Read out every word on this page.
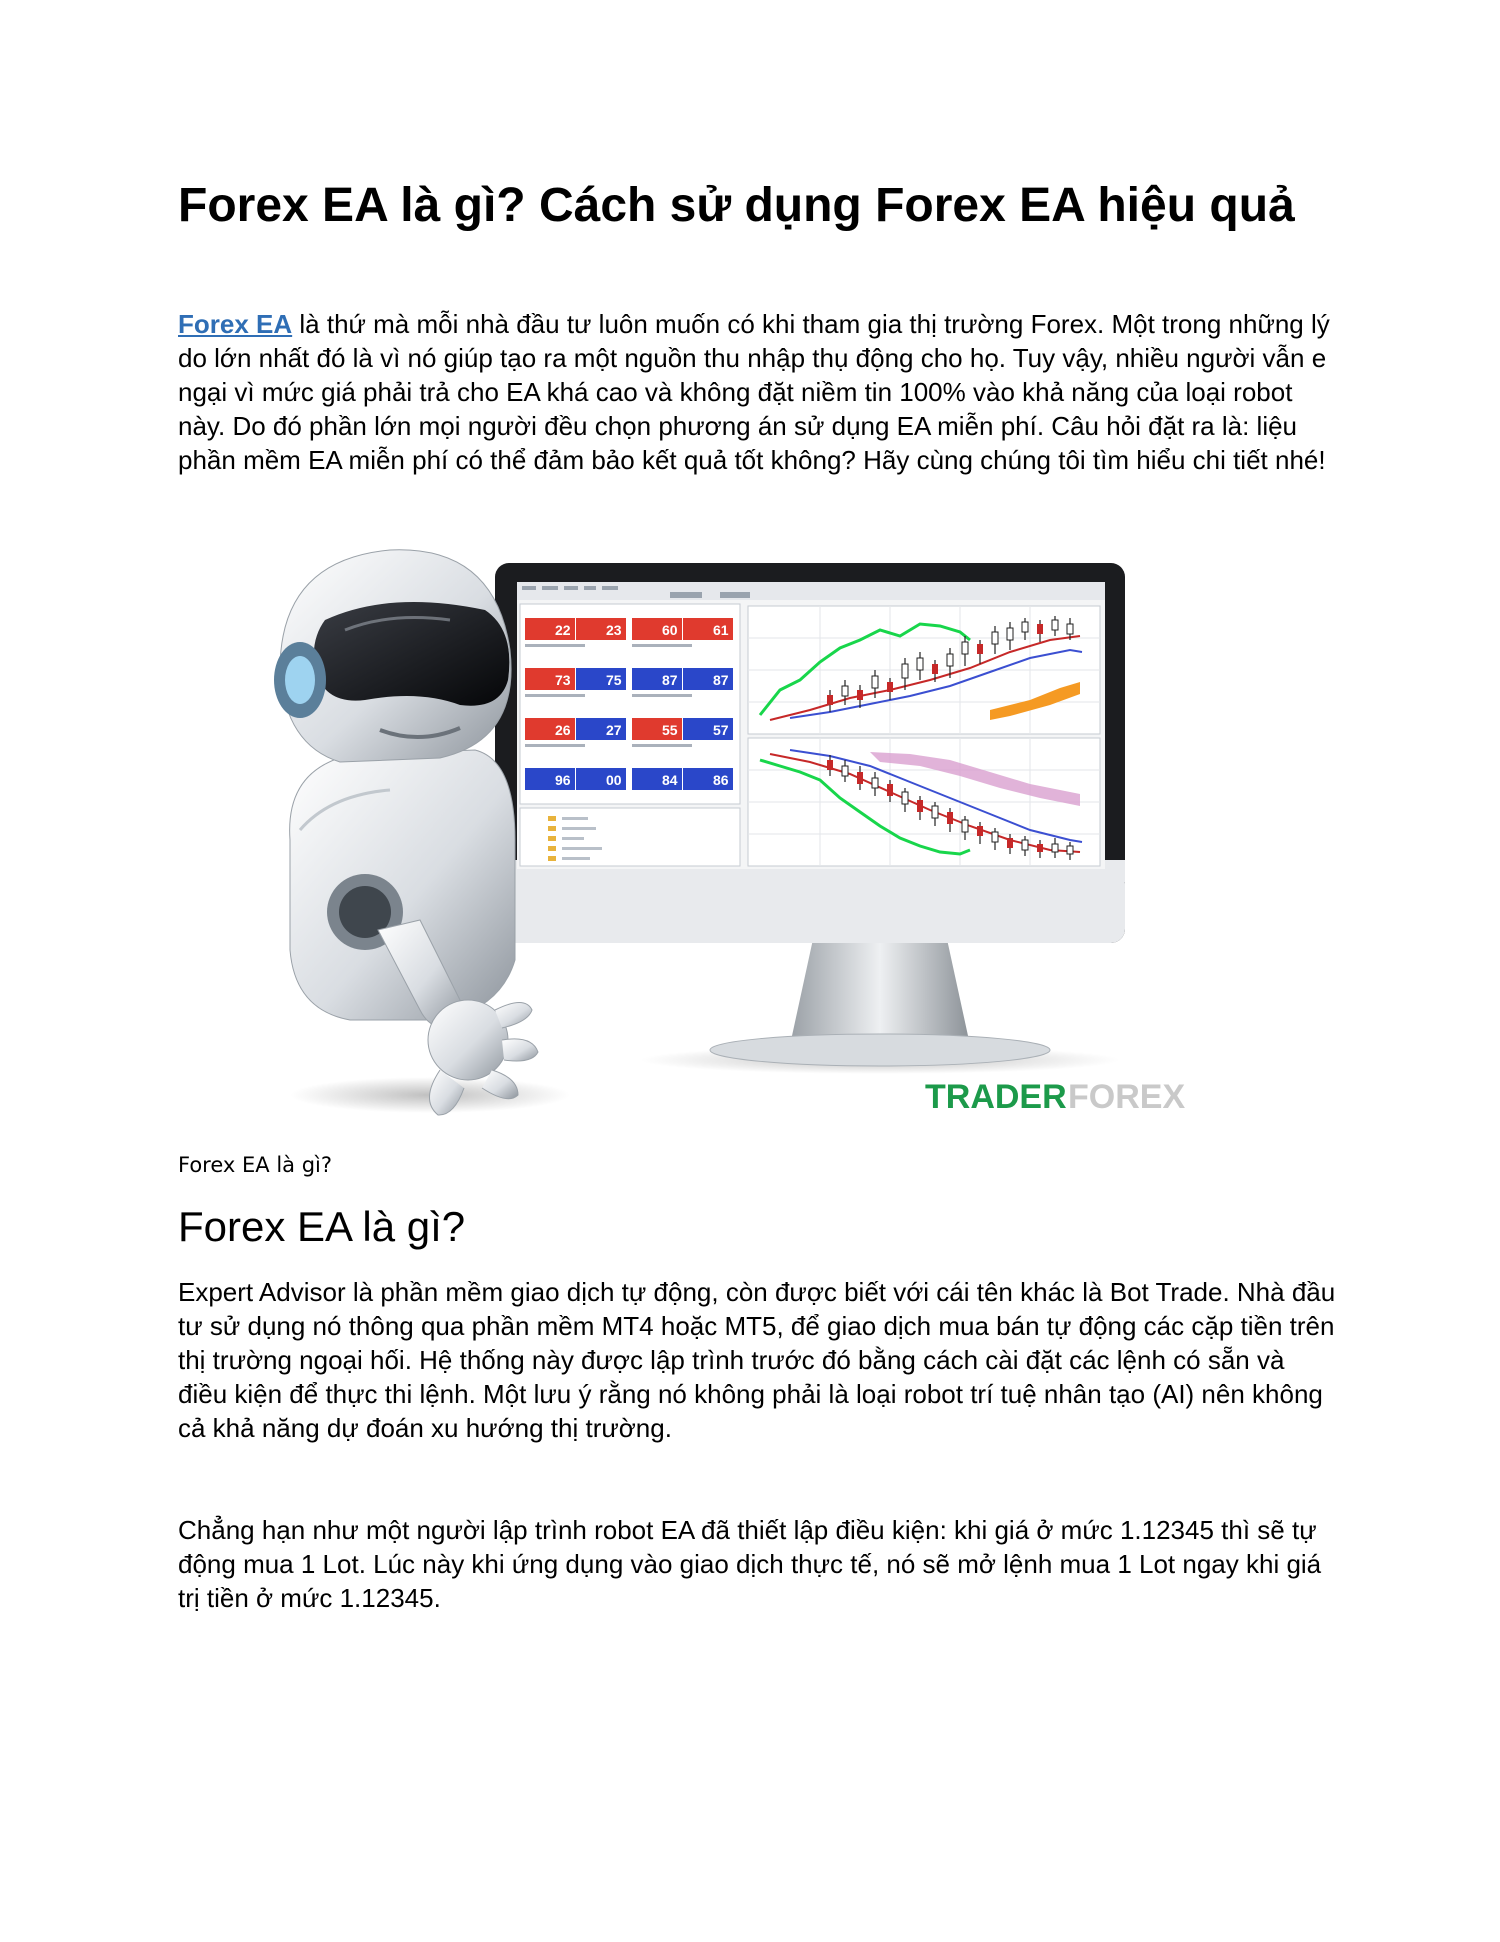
Forex EA là gì? Cách sử dụng Forex EA hiệu quả

Forex EA là thứ mà mỗi nhà đầu tư luôn muốn có khi tham gia thị trường Forex. Một trong những lý do lớn nhất đó là vì nó giúp tạo ra một nguồn thu nhập thụ động cho họ. Tuy vậy, nhiều người vẫn e ngại vì mức giá phải trả cho EA khá cao và không đặt niềm tin 100% vào khả năng của loại robot này. Do đó phần lớn mọi người đều chọn phương án sử dụng EA miễn phí. Câu hỏi đặt ra là: liệu phần mềm EA miễn phí có thể đảm bảo kết quả tốt không? Hãy cùng chúng tôi tìm hiểu chi tiết nhé!

22	23	60	61
73	75	87	87
26	27	55	57
96	00	84	86
TRADER FOREX

Forex EA là gì?

Forex EA là gì?

Expert Advisor là phần mềm giao dịch tự động, còn được biết với cái tên khác là Bot Trade. Nhà đầu tư sử dụng nó thông qua phần mềm MT4 hoặc MT5, để giao dịch mua bán tự động các cặp tiền trên thị trường ngoại hối. Hệ thống này được lập trình trước đó bằng cách cài đặt các lệnh có sẵn và điều kiện để thực thi lệnh. Một lưu ý rằng nó không phải là loại robot trí tuệ nhân tạo (AI) nên không cả khả năng dự đoán xu hướng thị trường.

Chẳng hạn như một người lập trình robot EA đã thiết lập điều kiện: khi giá ở mức 1.12345 thì sẽ tự động mua 1 Lot. Lúc này khi ứng dụng vào giao dịch thực tế, nó sẽ mở lệnh mua 1 Lot ngay khi giá trị tiền ở mức 1.12345.
